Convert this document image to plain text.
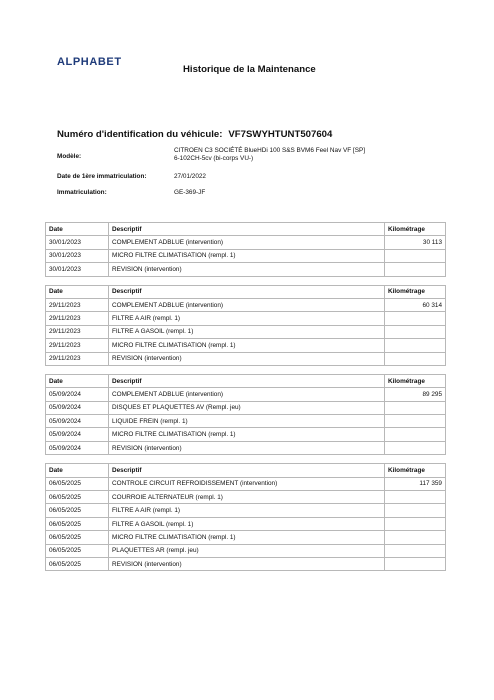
ALPHABET
Historique de la Maintenance
Numéro d'identification du véhicule: VF7SWYHTUNT507604
Modèle:
CITROEN C3 SOCIÉTÉ BlueHDi 100 S&S BVM6 Feel Nav VF [SP]
6-102CH-5cv (bi-corps VU-)
Date de 1ère immatriculation:	27/01/2022
Immatriculation:	GE-369-JF
Date	Descriptif	Kilométrage
30/01/2023	COMPLEMENT ADBLUE (intervention)	30 113
30/01/2023	MICRO FILTRE CLIMATISATION (rempl. 1)	
30/01/2023	REVISION (intervention)	
Date	Descriptif	Kilométrage
29/11/2023	COMPLEMENT ADBLUE (intervention)	60 314
29/11/2023	FILTRE A AIR (rempl. 1)	
29/11/2023	FILTRE A GASOIL (rempl. 1)	
29/11/2023	MICRO FILTRE CLIMATISATION (rempl. 1)	
29/11/2023	REVISION (intervention)	
Date	Descriptif	Kilométrage
05/09/2024	COMPLEMENT ADBLUE (intervention)	89 295
05/09/2024	DISQUES ET PLAQUETTES AV (Rempl. jeu)	
05/09/2024	LIQUIDE FREIN (rempl. 1)	
05/09/2024	MICRO FILTRE CLIMATISATION (rempl. 1)	
05/09/2024	REVISION (intervention)	
Date	Descriptif	Kilométrage
06/05/2025	CONTROLE CIRCUIT REFROIDISSEMENT (intervention)	117 359
06/05/2025	COURROIE ALTERNATEUR (rempl. 1)	
06/05/2025	FILTRE A AIR (rempl. 1)	
06/05/2025	FILTRE A GASOIL (rempl. 1)	
06/05/2025	MICRO FILTRE CLIMATISATION (rempl. 1)	
06/05/2025	PLAQUETTES AR (rempl. jeu)	
06/05/2025	REVISION (intervention)	
